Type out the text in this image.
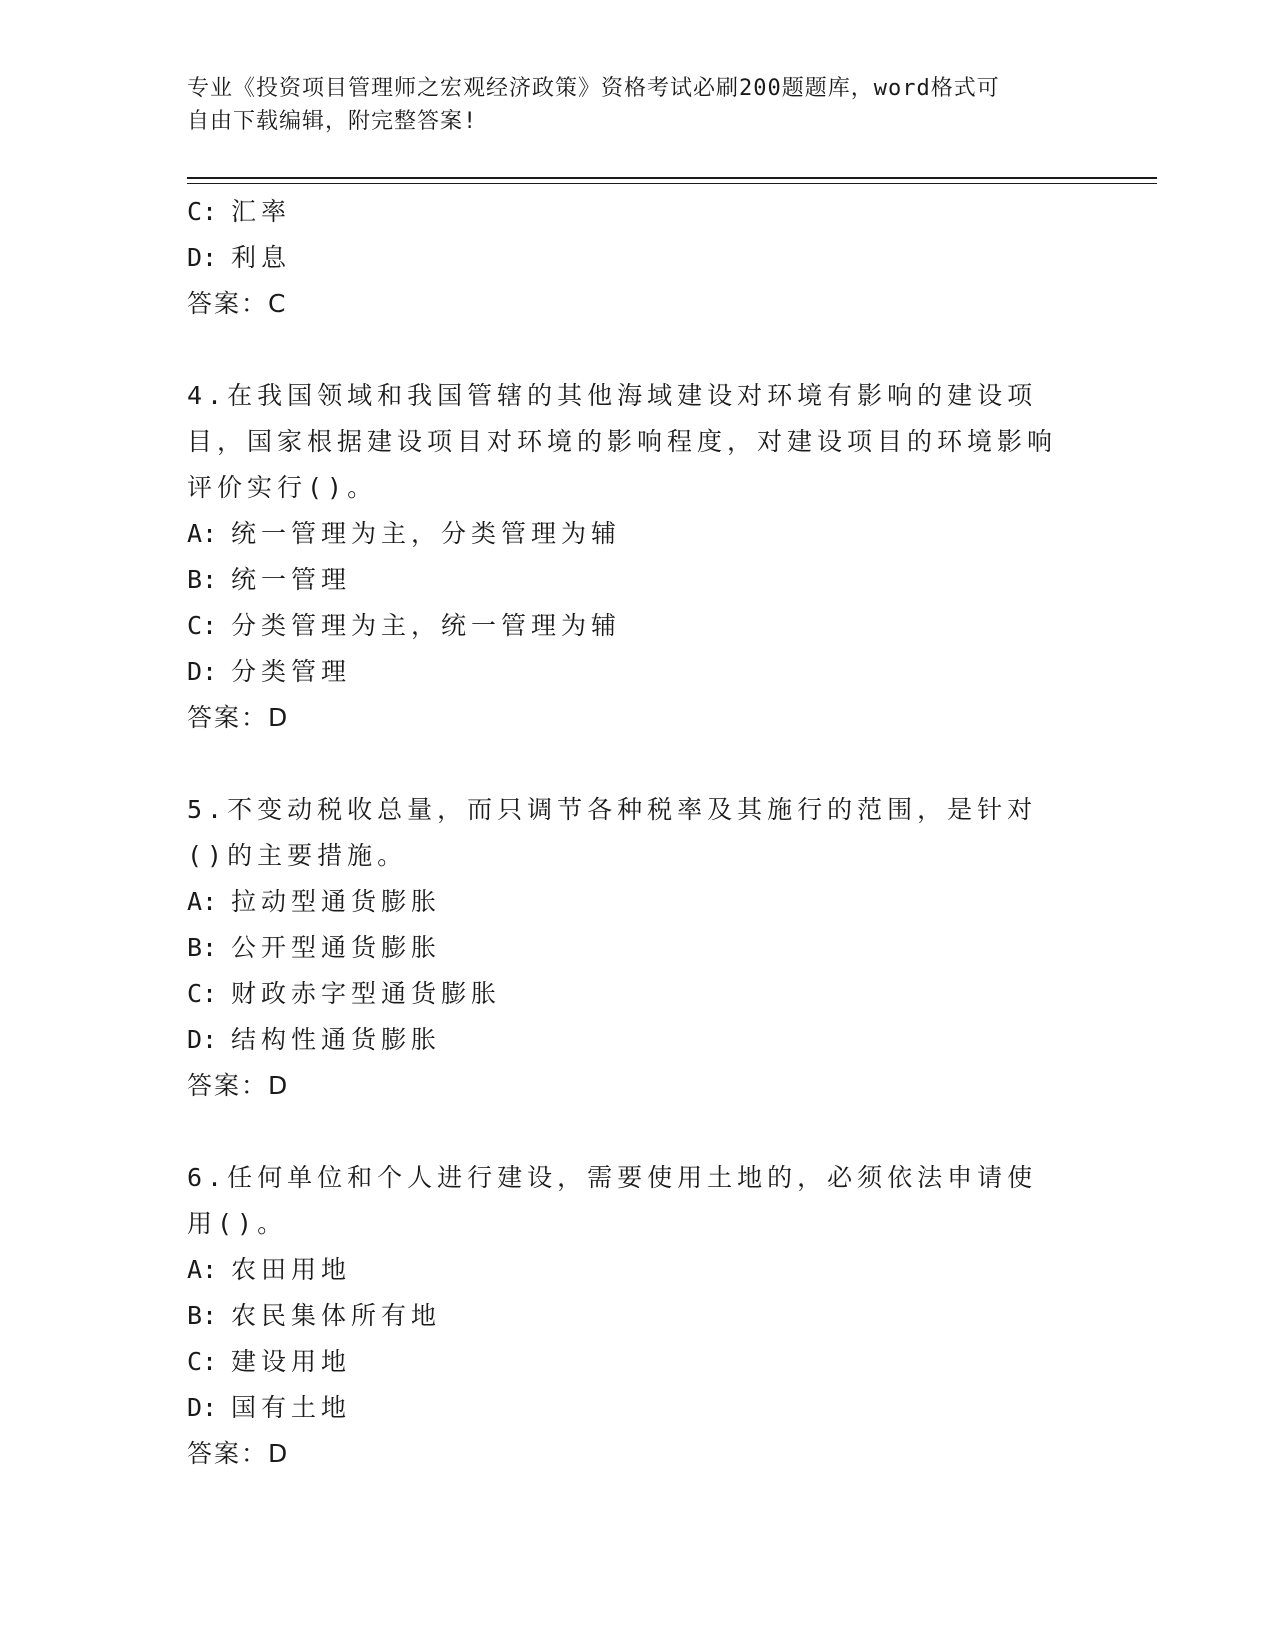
专业《投资项目管理师之宏观经济政策》资格考试必刷200题题库，word格式可
自由下载编辑，附完整答案!
C: 汇率
D: 利息
答案：C
4.在我国领域和我国管辖的其他海域建设对环境有影响的建设项目，国家根据建设项目对环境的影响程度，对建设项目的环境影响评价实行()。
A: 统一管理为主，分类管理为辅
B: 统一管理
C: 分类管理为主，统一管理为辅
D: 分类管理
答案：D
5.不变动税收总量，而只调节各种税率及其施行的范围，是针对()的主要措施。
A: 拉动型通货膨胀
B: 公开型通货膨胀
C: 财政赤字型通货膨胀
D: 结构性通货膨胀
答案：D
6.任何单位和个人进行建设，需要使用土地的，必须依法申请使用()。
A: 农田用地
B: 农民集体所有地
C: 建设用地
D: 国有土地
答案：D
